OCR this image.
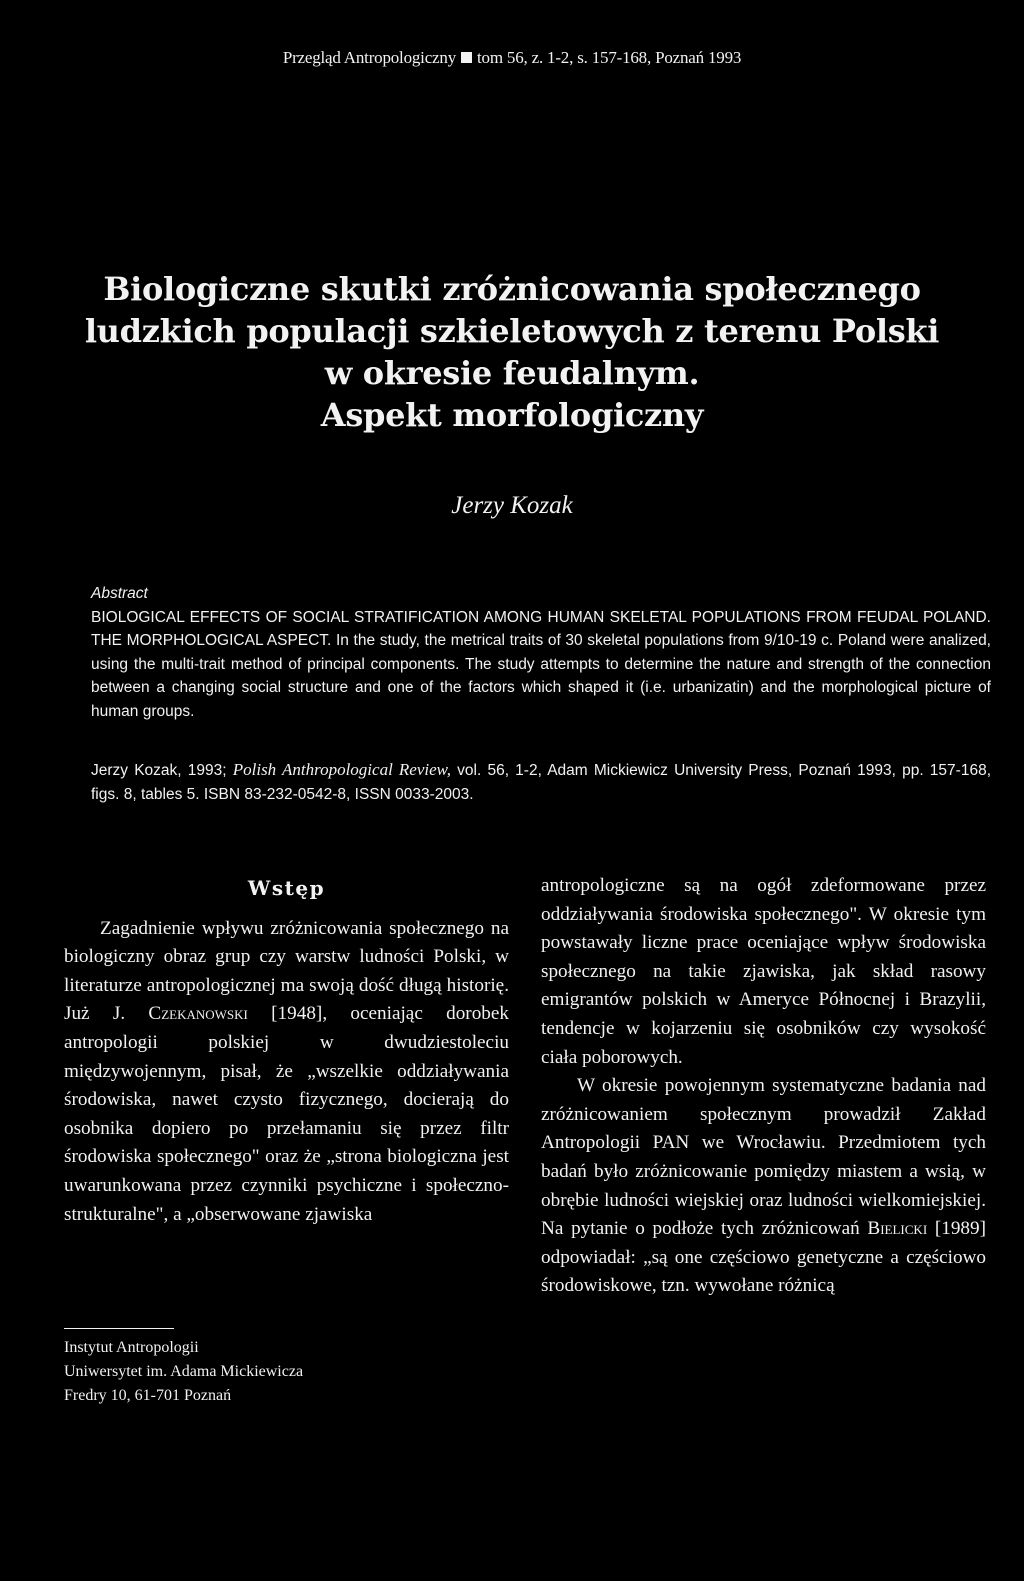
Przegląd Antropologiczny tom 56, z. 1-2, s. 157-168, Poznań 1993
Biologiczne skutki zróżnicowania społecznego
ludzkich populacji szkieletowych z terenu Polski
w okresie feudalnym.
Aspekt morfologiczny
Jerzy Kozak
Abstract
BIOLOGICAL EFFECTS OF SOCIAL STRATIFICATION AMONG HUMAN SKELETAL POPULATIONS FROM FEUDAL POLAND. THE MORPHOLOGICAL ASPECT. In the study, the metrical traits of 30 skeletal populations from 9/10-19 c. Poland were analized, using the multi-trait method of principal components. The study attempts to determine the nature and strength of the connection between a changing social structure and one of the factors which shaped it (i.e. urbanizatin) and the morphological picture of human groups.
Jerzy Kozak, 1993; Polish Anthropological Review, vol. 56, 1-2, Adam Mickiewicz University Press, Poznań 1993, pp. 157-168, figs. 8, tables 5. ISBN 83-232-0542-8, ISSN 0033-2003.
Wstęp

Zagadnienie wpływu zróżnicowania społecznego na biologiczny obraz grup czy warstw ludności Polski, w literaturze antropologicznej ma swoją dość długą historię. Już J. Czekanowski [1948], oceniając dorobek antropologii polskiej w dwudziestoleciu międzywojennym, pisał, że „wszelkie oddziaływania środowiska, nawet czysto fizycznego, docierają do osobnika dopiero po przełamaniu się przez filtr środowiska społecznego" oraz że „strona biologiczna jest uwarunkowana przez czynniki psychiczne i społeczno-strukturalne", a „obserwowane zjawiska

antropologiczne są na ogół zdeformowane przez oddziaływania środowiska społecznego". W okresie tym powstawały liczne prace oceniające wpływ środowiska społecznego na takie zjawiska, jak skład rasowy emigrantów polskich w Ameryce Północnej i Brazylii, tendencje w kojarzeniu się osobników czy wysokość ciała poborowych.

W okresie powojennym systematyczne badania nad zróżnicowaniem społecznym prowadził Zakład Antropologii PAN we Wrocławiu. Przedmiotem tych badań było zróżnicowanie pomiędzy miastem a wsią, w obrębie ludności wiejskiej oraz ludności wielkomiejskiej. Na pytanie o podłoże tych zróżnicowań Bielicki [1989] odpowiadał: „są one częściowo genetyczne a częściowo środowiskowe, tzn. wywołane różnicą

Instytut Antropologii
Uniwersytet im. Adama Mickiewicza
Fredry 10, 61-701 Poznań
